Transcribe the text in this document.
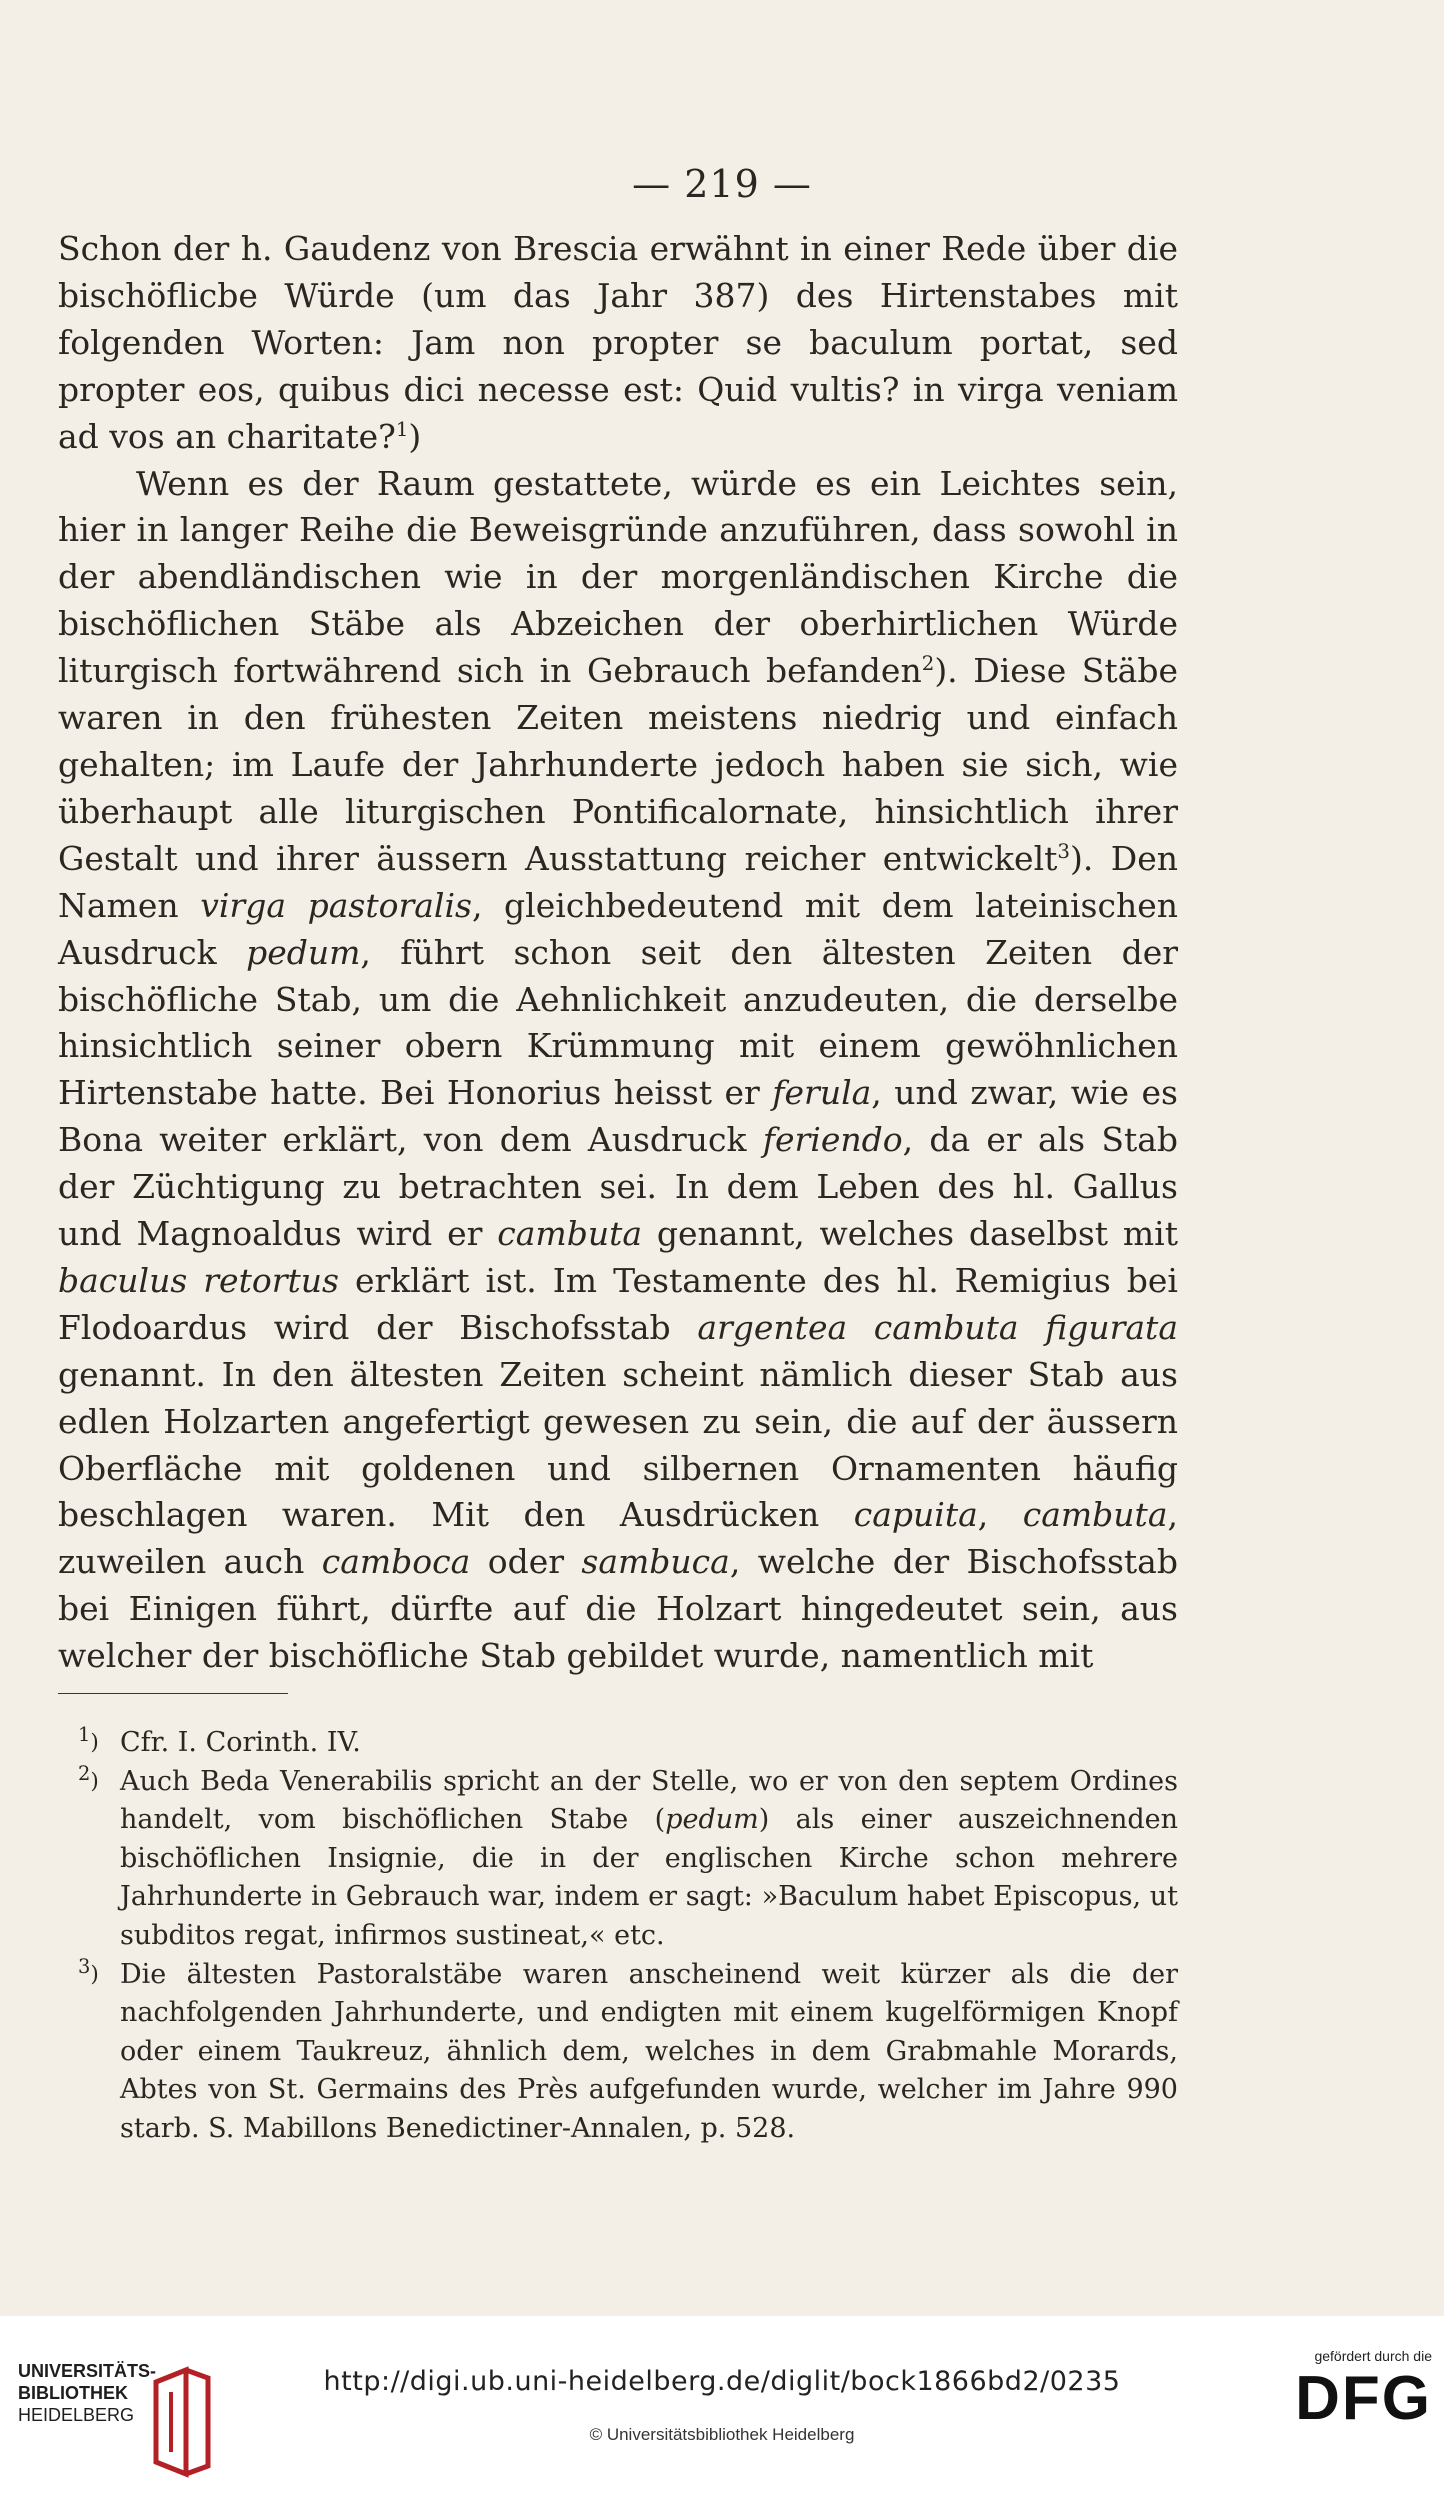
— 219 —

Schon der h. Gaudenz von Brescia erwähnt in einer Rede über die bischöflicbe Würde (um das Jahr 387) des Hirtenstabes mit folgenden Worten: Jam non propter se baculum portat, sed propter eos, quibus dici necesse est: Quid vultis? in virga veniam ad vos an charitate?$^1$)

Wenn es der Raum gestattete, würde es ein Leichtes sein, hier in langer Reihe die Beweisgründe anzuführen, dass sowohl in der abendländischen wie in der morgenländischen Kirche die bischöflichen Stäbe als Abzeichen der oberhirtlichen Würde liturgisch fortwährend sich in Gebrauch befanden$^2$). Diese Stäbe waren in den frühesten Zeiten meistens niedrig und einfach gehalten; im Laufe der Jahrhunderte jedoch haben sie sich, wie überhaupt alle liturgischen Pontificalornate, hinsichtlich ihrer Gestalt und ihrer äussern Ausstattung reicher entwickelt$^3$). Den Namen virga pastoralis, gleichbedeutend mit dem lateinischen Ausdruck pedum, führt schon seit den ältesten Zeiten der bischöfliche Stab, um die Aehnlichkeit anzudeuten, die derselbe hinsichtlich seiner obern Krümmung mit einem gewöhnlichen Hirtenstabe hatte. Bei Honorius heisst er ferula, und zwar, wie es Bona weiter erklärt, von dem Ausdruck feriendo, da er als Stab der Züchtigung zu betrachten sei. In dem Leben des hl. Gallus und Magnoaldus wird er cambuta genannt, welches daselbst mit baculus retortus erklärt ist. Im Testamente des hl. Remigius bei Flodoardus wird der Bischofsstab argentea cambuta figurata genannt. In den ältesten Zeiten scheint nämlich dieser Stab aus edlen Holzarten angefertigt gewesen zu sein, die auf der äussern Oberfläche mit goldenen und silbernen Ornamenten häufig beschlagen waren. Mit den Ausdrücken capuita, cambuta, zuweilen auch camboca oder sambuca, welche der Bischofsstab bei Einigen führt, dürfte auf die Holzart hingedeutet sein, aus welcher der bischöfliche Stab gebildet wurde, namentlich mit

$^1$) Cfr. I. Corinth. IV.
$^2$) Auch Beda Venerabilis spricht an der Stelle, wo er von den septem Ordines handelt, vom bischöflichen Stabe (pedum) als einer auszeichnenden bischöflichen Insignie, die in der englischen Kirche schon mehrere Jahrhunderte in Gebrauch war, indem er sagt: »Baculum habet Episcopus, ut subditos regat, infirmos sustineat,« etc.
$^3$) Die ältesten Pastoralstäbe waren anscheinend weit kürzer als die der nachfolgenden Jahrhunderte, und endigten mit einem kugelförmigen Knopf oder einem Taukreuz, ähnlich dem, welches in dem Grabmahle Morards, Abtes von St. Germains des Près aufgefunden wurde, welcher im Jahre 990 starb. S. Mabillons Benedictiner-Annalen, p. 528.
UNIVERSITÄTS-
BIBLIOTHEK
HEIDELBERG
http://digi.ub.uni-heidelberg.de/diglit/bock1866bd2/0235
© Universitätsbibliothek Heidelberg
gefördert durch die
DFG
